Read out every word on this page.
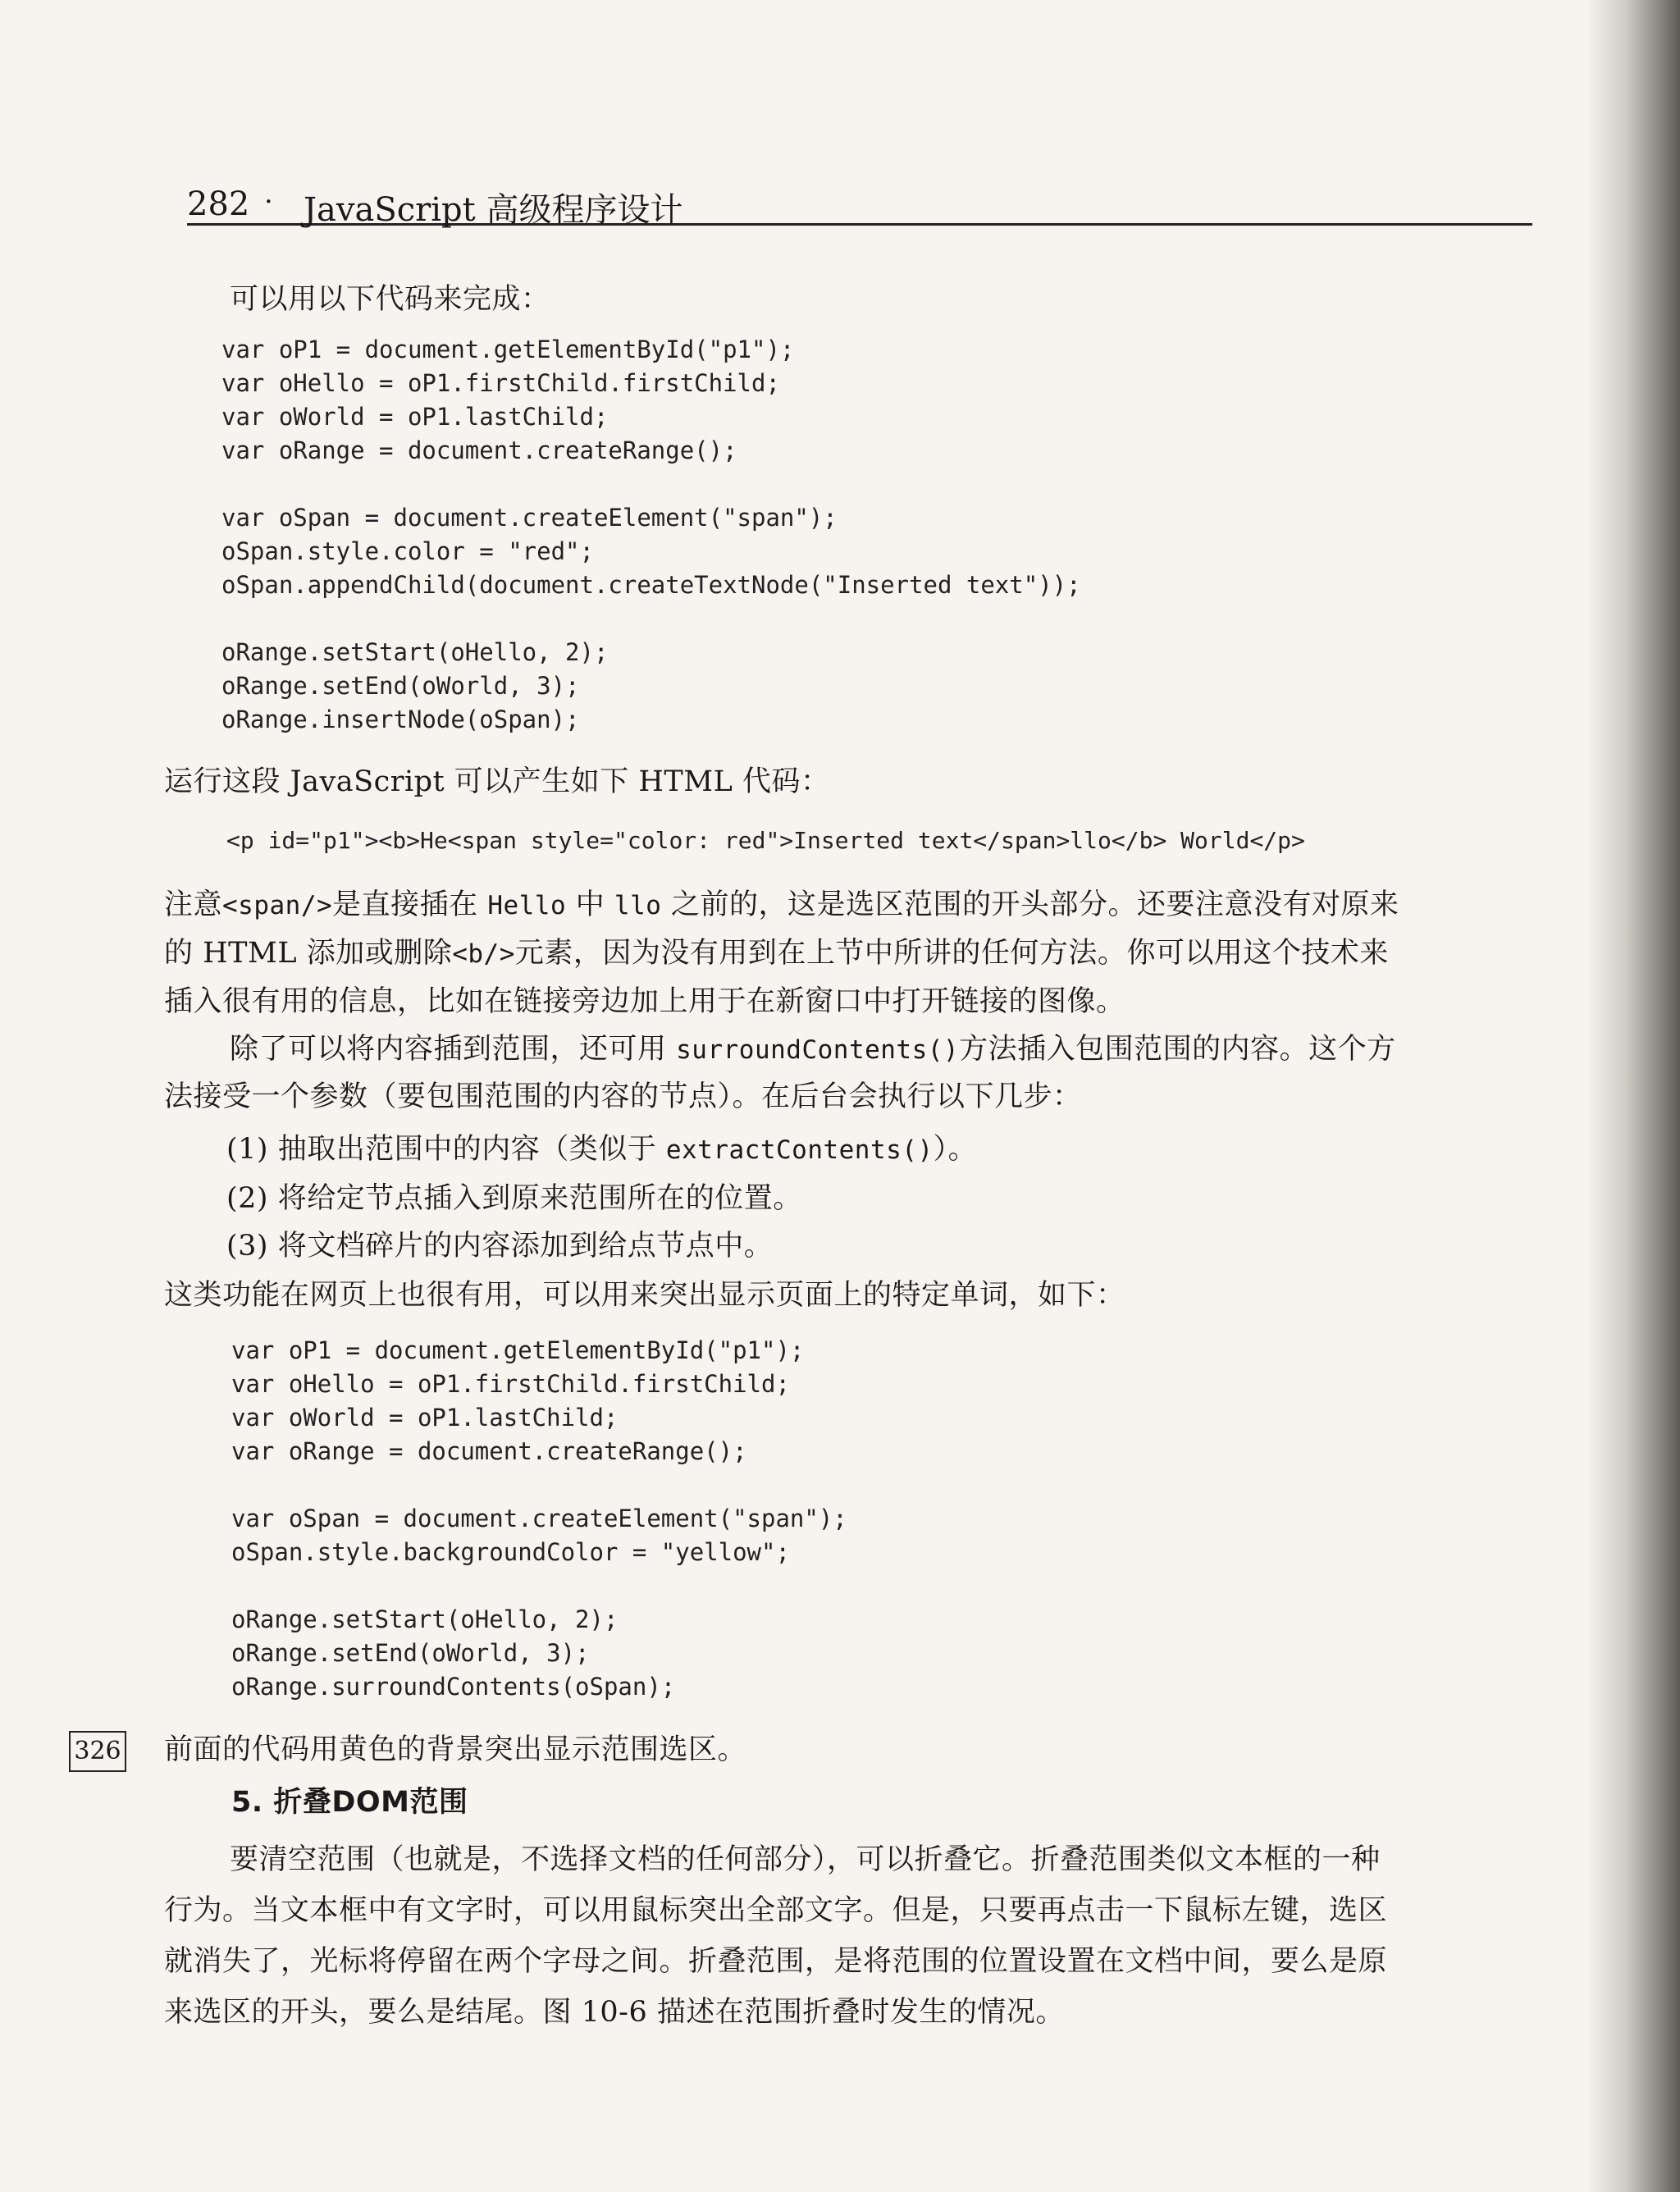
282 · JavaScript 高级程序设计
可以用以下代码来完成：
var oP1 = document.getElementById("p1");
var oHello = oP1.firstChild.firstChild;
var oWorld = oP1.lastChild;
var oRange = document.createRange();

var oSpan = document.createElement("span");
oSpan.style.color = "red";
oSpan.appendChild(document.createTextNode("Inserted text"));

oRange.setStart(oHello, 2);
oRange.setEnd(oWorld, 3);
oRange.insertNode(oSpan);
运行这段 JavaScript 可以产生如下 HTML 代码：
<p id="p1"><b>He<span style="color: red">Inserted text</span>llo</b> World</p>
注意<span/>是直接插在 Hello 中 llo 之前的，这是选区范围的开头部分。还要注意没有对原来
的 HTML 添加或删除<b/>元素，因为没有用到在上节中所讲的任何方法。你可以用这个技术来
插入很有用的信息，比如在链接旁边加上用于在新窗口中打开链接的图像。
除了可以将内容插到范围，还可用 surroundContents()方法插入包围范围的内容。这个方
法接受一个参数（要包围范围的内容的节点）。在后台会执行以下几步：
(1) 抽取出范围中的内容（类似于 extractContents()）。
(2) 将给定节点插入到原来范围所在的位置。
(3) 将文档碎片的内容添加到给点节点中。
这类功能在网页上也很有用，可以用来突出显示页面上的特定单词，如下：
var oP1 = document.getElementById("p1");
var oHello = oP1.firstChild.firstChild;
var oWorld = oP1.lastChild;
var oRange = document.createRange();

var oSpan = document.createElement("span");
oSpan.style.backgroundColor = "yellow";

oRange.setStart(oHello, 2);
oRange.setEnd(oWorld, 3);
oRange.surroundContents(oSpan);
326 前面的代码用黄色的背景突出显示范围选区。
5. 折叠DOM范围
要清空范围（也就是，不选择文档的任何部分），可以折叠它。折叠范围类似文本框的一种
行为。当文本框中有文字时，可以用鼠标突出全部文字。但是，只要再点击一下鼠标左键，选区
就消失了，光标将停留在两个字母之间。折叠范围，是将范围的位置设置在文档中间，要么是原
来选区的开头，要么是结尾。图 10-6 描述在范围折叠时发生的情况。
